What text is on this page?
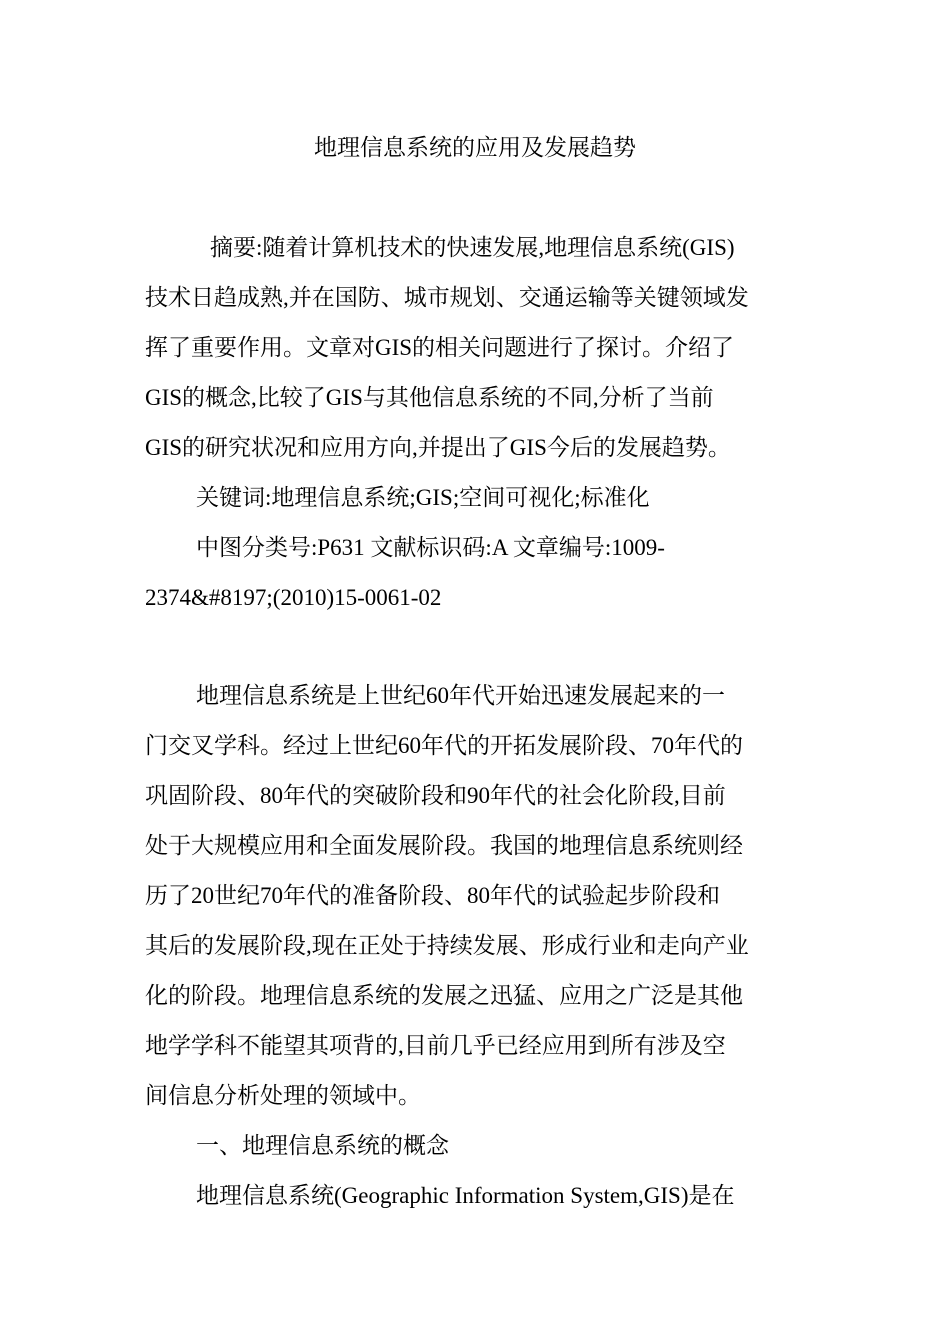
地理信息系统的应用及发展趋势
摘要:随着计算机技术的快速发展,地理信息系统(GIS)
技术日趋成熟,并在国防、城市规划、交通运输等关键领域发
挥了重要作用。文章对GIS的相关问题进行了探讨。介绍了
GIS的概念,比较了GIS与其他信息系统的不同,分析了当前
GIS的研究状况和应用方向,并提出了GIS今后的发展趋势。
关键词:地理信息系统;GIS;空间可视化;标准化
中图分类号:P631 文献标识码:A 文章编号:1009-
2374&#8197;(2010)15-0061-02
地理信息系统是上世纪60年代开始迅速发展起来的一
门交叉学科。经过上世纪60年代的开拓发展阶段、70年代的
巩固阶段、80年代的突破阶段和90年代的社会化阶段,目前
处于大规模应用和全面发展阶段。我国的地理信息系统则经
历了20世纪70年代的准备阶段、80年代的试验起步阶段和
其后的发展阶段,现在正处于持续发展、形成行业和走向产业
化的阶段。地理信息系统的发展之迅猛、应用之广泛是其他
地学学科不能望其项背的,目前几乎已经应用到所有涉及空
间信息分析处理的领域中。
一、地理信息系统的概念
地理信息系统(Geographic Information System,GIS)是在
